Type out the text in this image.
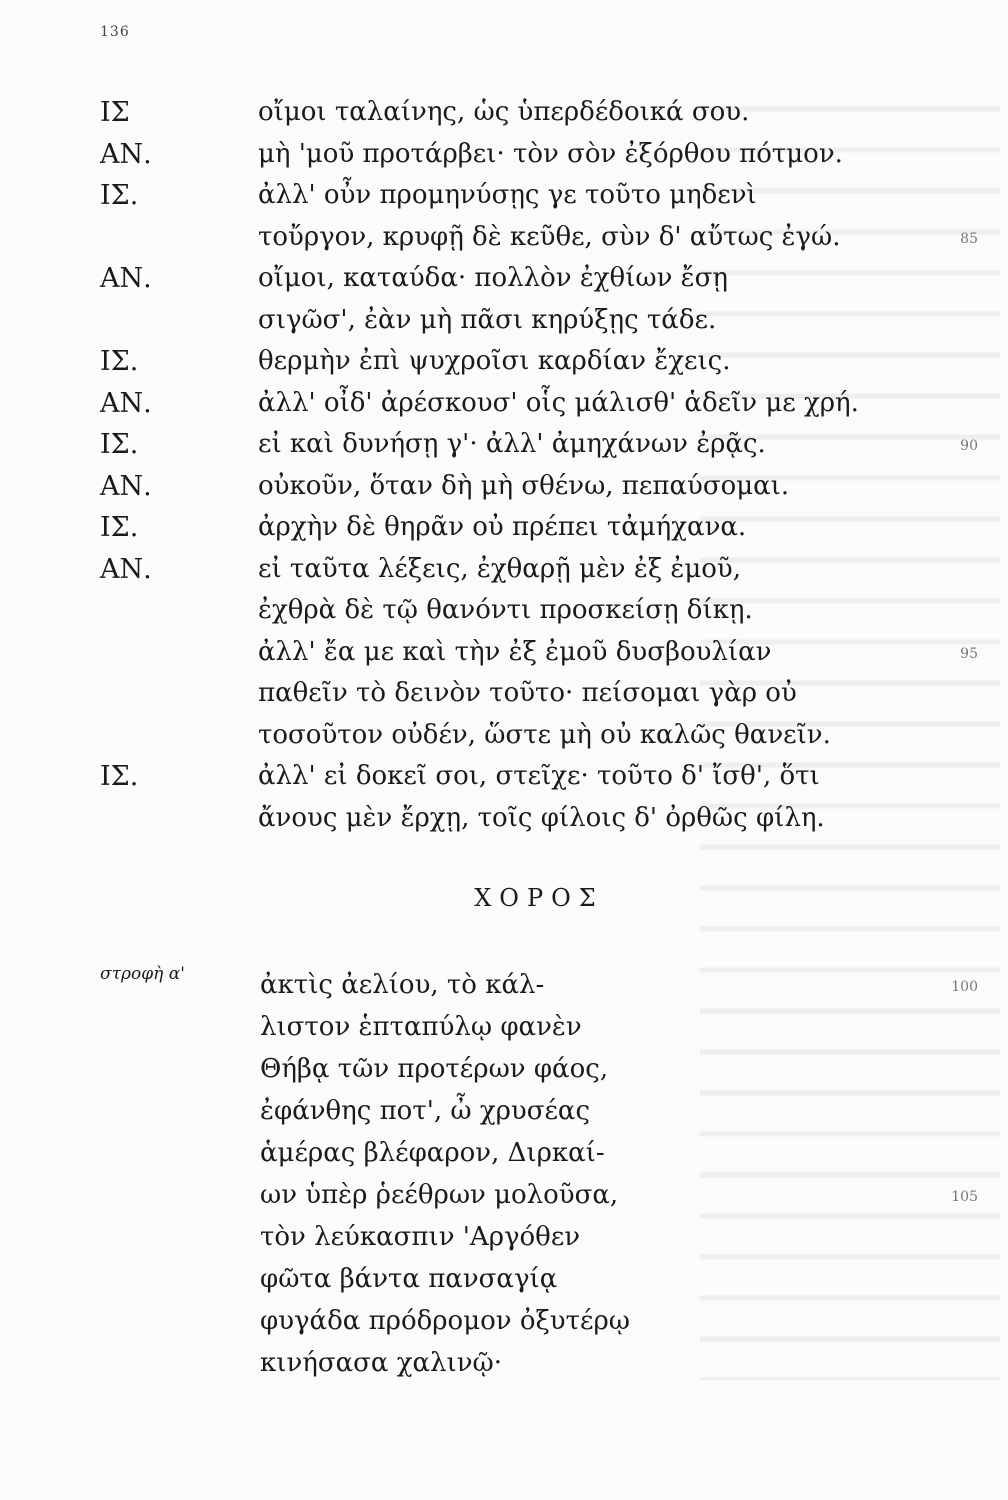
136
ΙΣ	οἴμοι ταλαίνης, ὡς ὑπερδέδοικά σου.
ΑΝ.	μὴ 'μοῦ προτάρβει· τὸν σὸν ἐξόρθου πότμον.
ΙΣ.	ἀλλ' οὖν προμηνύσῃς γε τοῦτο μηδενὶ
τοὔργον, κρυφῇ δὲ κεῦθε, σὺν δ' αὔτως ἐγώ.	85
ΑΝ.	οἴμοι, καταύδα· πολλὸν ἐχθίων ἔσῃ
σιγῶσ', ἐὰν μὴ πᾶσι κηρύξῃς τάδε.
ΙΣ.	θερμὴν ἐπὶ ψυχροῖσι καρδίαν ἔχεις.
ΑΝ.	ἀλλ' οἶδ' ἀρέσκουσ' οἷς μάλισθ' ἁδεῖν με χρή.
ΙΣ.	εἰ καὶ δυνήσῃ γ'· ἀλλ' ἀμηχάνων ἐρᾷς.	90
ΑΝ.	οὐκοῦν, ὅταν δὴ μὴ σθένω, πεπαύσομαι.
ΙΣ.	ἀρχὴν δὲ θηρᾶν οὐ πρέπει τἀμήχανα.
ΑΝ.	εἰ ταῦτα λέξεις, ἐχθαρῇ μὲν ἐξ ἐμοῦ,
ἐχθρὰ δὲ τῷ θανόντι προσκείσῃ δίκῃ.
ἀλλ' ἔα με καὶ τὴν ἐξ ἐμοῦ δυσβουλίαν	95
παθεῖν τὸ δεινὸν τοῦτο· πείσομαι γὰρ οὐ
τοσοῦτον οὐδέν, ὥστε μὴ οὐ καλῶς θανεῖν.
ΙΣ.	ἀλλ' εἰ δοκεῖ σοι, στεῖχε· τοῦτο δ' ἴσθ', ὅτι
ἄνους μὲν ἔρχῃ, τοῖς φίλοις δ' ὀρθῶς φίλη.
ΧΟΡΟΣ
στροφὴ α'	ἀκτὶς ἀελίου, τὸ κάλ-	100
λιστον ἑπταπύλῳ φανὲν
Θήβᾳ τῶν προτέρων φάος,
ἐφάνθης ποτ', ὦ χρυσέας
ἁμέρας βλέφαρον, Διρκαί-
ων ὑπὲρ ῥεέθρων μολοῦσα,	105
τὸν λεύκασπιν 'Αργόθεν
φῶτα βάντα πανσαγίᾳ
φυγάδα πρόδρομον ὀξυτέρῳ
κινήσασα χαλινῷ·
